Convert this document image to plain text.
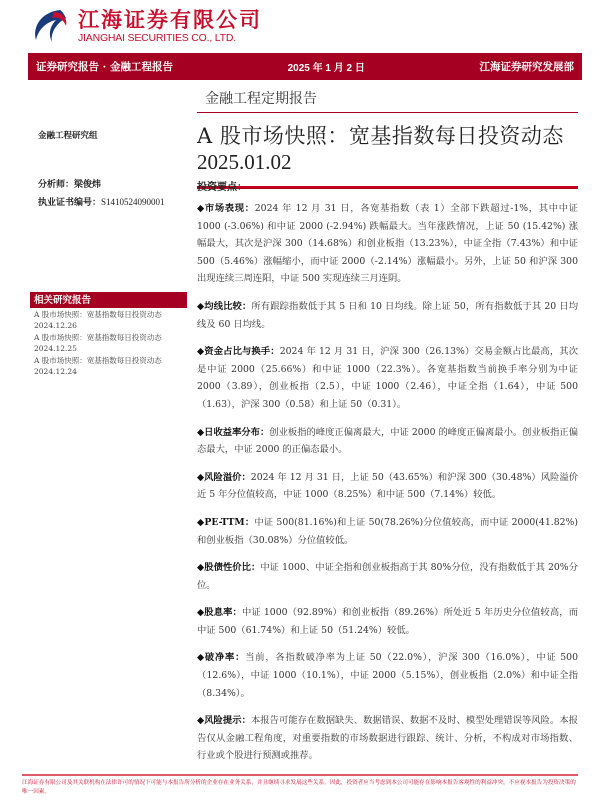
江海证券有限公司
JIANGHAI SECURITIES CO., LTD.
证券研究报告 · 金融工程报告	2025 年 1 月 2 日	江海证券研究发展部
金融工程定期报告
A 股市场快照：宽基指数每日投资动态
2025.01.02
金融工程研究组
分析师：梁俊炜
执业证书编号：S1410524090001
相关研究报告
A 股市场快照：宽基指数每日投资动态 2024.12.26
A 股市场快照：宽基指数每日投资动态 2024.12.25
A 股市场快照：宽基指数每日投资动态 2024.12.24
投资要点：

◆市场表现：2024 年 12 月 31 日，各宽基指数（表 1）全部下跌超过-1%，其中中证 1000 (-3.06%) 和中证 2000 (-2.94%) 跌幅最大。当年涨跌情况，上证 50 (15.42%) 涨幅最大，其次是沪深 300（14.68%）和创业板指（13.23%），中证全指（7.43%）和中证 500（5.46%）涨幅缩小，而中证 2000（-2.14%）涨幅最小。另外，上证 50 和沪深 300 出现连续三周连阳，中证 500 实现连续三月连阴。

◆均线比较：所有跟踪指数低于其 5 日和 10 日均线。除上证 50，所有指数低于其 20 日均线及 60 日均线。

◆资金占比与换手：2024 年 12 月 31 日，沪深 300（26.13%）交易金额占比最高，其次是中证 2000（25.66%）和中证 1000（22.3%）。各宽基指数当前换手率分别为中证 2000（3.89），创业板指（2.5），中证 1000（2.46），中证全指（1.64），中证 500（1.63），沪深 300（0.58）和上证 50（0.31）。

◆日收益率分布：创业板指的峰度正偏离最大，中证 2000 的峰度正偏离最小。创业板指正偏态最大，中证 2000 的正偏态最小。

◆风险溢价：2024 年 12 月 31 日，上证 50（43.65%）和沪深 300（30.48%）风险溢价近 5 年分位值较高，中证 1000（8.25%）和中证 500（7.14%）较低。

◆PE-TTM：中证 500(81.16%)和上证 50(78.26%)分位值较高，而中证 2000(41.82%)和创业板指（30.08%）分位值较低。

◆股债性价比：中证 1000、中证全指和创业板指高于其 80%分位，没有指数低于其 20%分位。

◆股息率：中证 1000（92.89%）和创业板指（89.26%）所处近 5 年历史分位值较高，而中证 500（61.74%）和上证 50（51.24%）较低。

◆破净率：当前，各指数破净率为上证 50（22.0%），沪深 300（16.0%），中证 500（12.6%），中证 1000（10.1%），中证 2000（5.15%），创业板指（2.0%）和中证全指（8.34%）。

◆风险提示：本报告可能存在数据缺失、数据错误、数据不及时、模型处理错误等风险。本报告仅从金融工程角度，对重要指数的市场数据进行跟踪、统计、分析，不构成对市场指数、行业或个股进行预测或推荐。

江海证券有限公司及其关联机构在法律许可的情况下可能与本报告所分析的企业存在业务关系，并且继续寻求发展这些关系。因此，投资者应当考虑到本公司可能存在影响本报告客观性的利益冲突，不应视本报告为投资决策的唯一因素。
